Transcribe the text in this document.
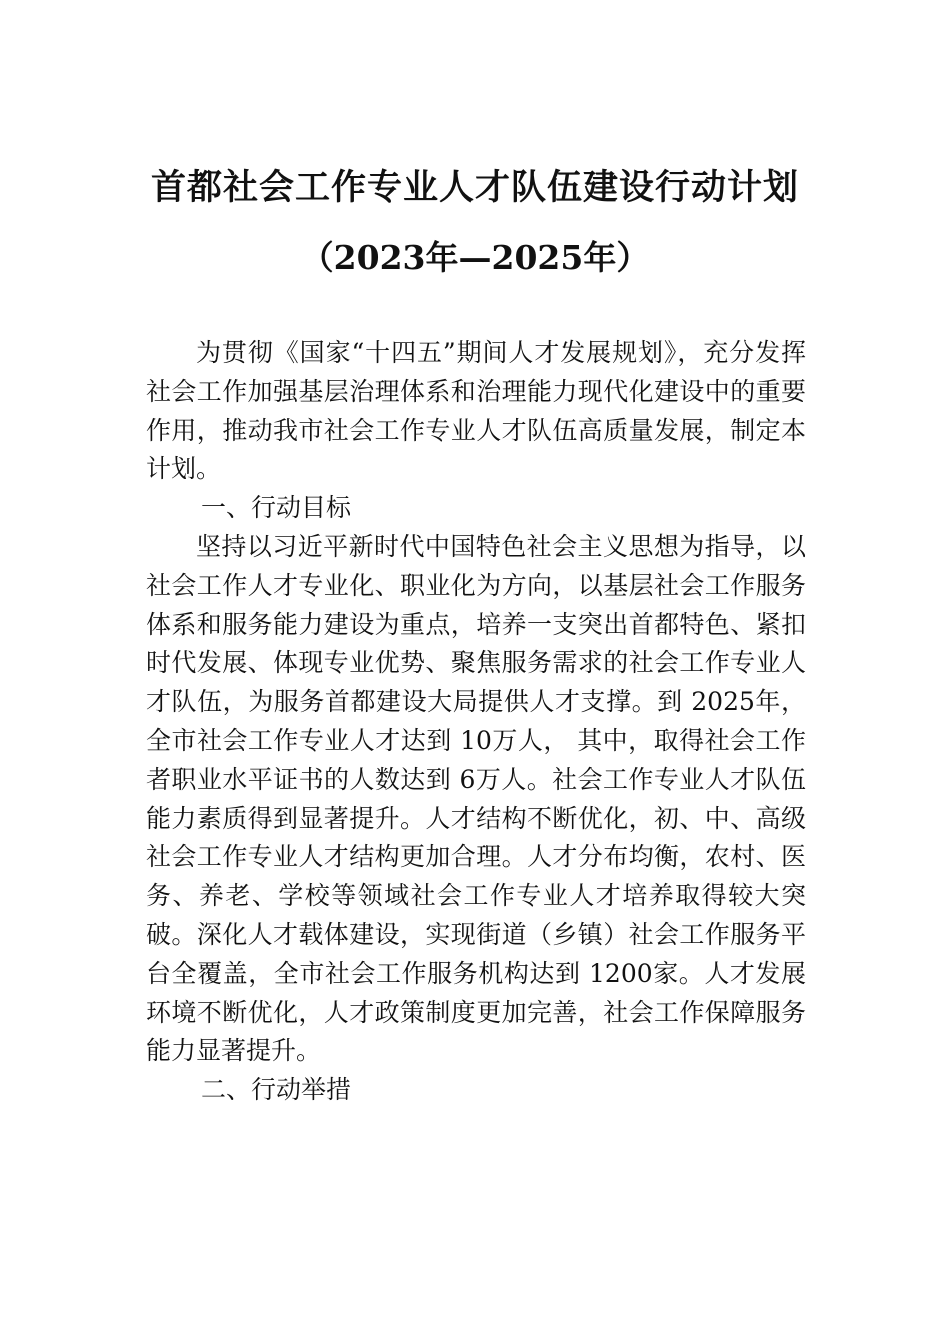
首都社会工作专业人才队伍建设行动计划
（2023年—2025年）

为贯彻《国家“十四五”期间人才发展规划》，充分发挥社会工作加强基层治理体系和治理能力现代化建设中的重要作用，推动我市社会工作专业人才队伍高质量发展，制定本计划。

一、行动目标

坚持以习近平新时代中国特色社会主义思想为指导，以社会工作人才专业化、职业化为方向，以基层社会工作服务体系和服务能力建设为重点，培养一支突出首都特色、紧扣时代发展、体现专业优势、聚焦服务需求的社会工作专业人才队伍，为服务首都建设大局提供人才支撑。到 2025年，全市社会工作专业人才达到 10万人， 其中，取得社会工作者职业水平证书的人数达到 6万人。社会工作专业人才队伍能力素质得到显著提升。人才结构不断优化，初、中、高级社会工作专业人才结构更加合理。人才分布均衡，农村、医务、养老、学校等领域社会工作专业人才培养取得较大突破。深化人才载体建设，实现街道（乡镇）社会工作服务平台全覆盖，全市社会工作服务机构达到 1200家。人才发展环境不断优化，人才政策制度更加完善，社会工作保障服务能力显著提升。

二、行动举措
